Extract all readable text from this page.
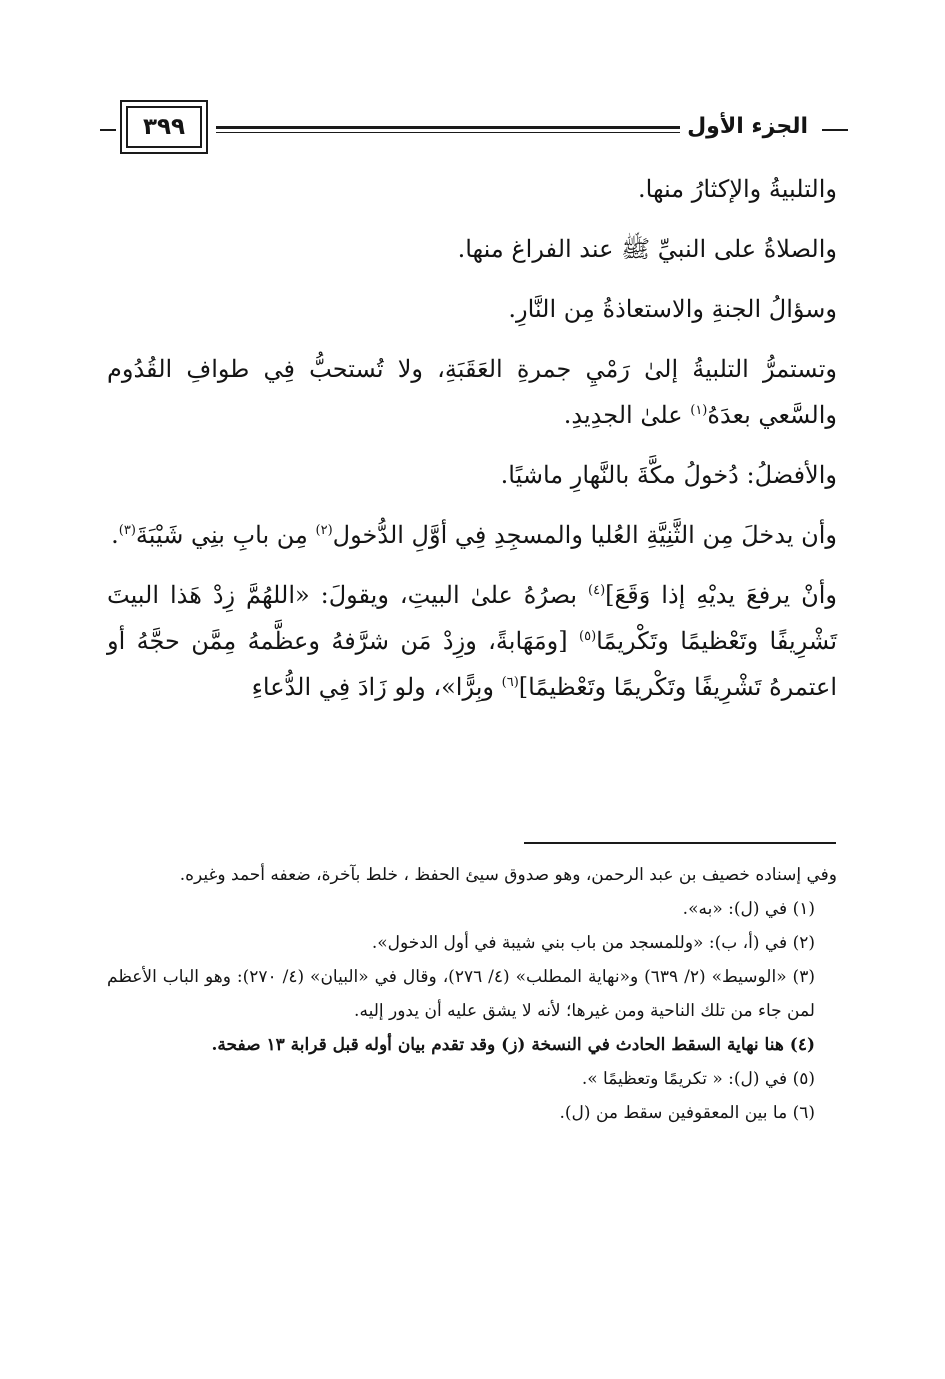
الجزء الأول
٣٩٩

والتلبيةُ والإكثارُ منها.

والصلاةُ على النبيِّ ﷺ عند الفراغ منها.

وسؤالُ الجنةِ والاستعاذةُ مِن النَّارِ.

وتستمرُّ التلبيةُ إلىٰ رَمْيِ جمرةِ العَقَبَةِ، ولا تُستحبُّ فِي طوافِ القُدُوم والسَّعي بعدَهُ$^{(١)}$ علىٰ الجدِيدِ.

والأفضلُ: دُخولُ مكَّةَ بالنَّهارِ ماشيًا.

وأن يدخلَ مِن الثَّنِيَّةِ العُليا والمسجِدِ فِي أوَّلِ الدُّخول$^{(٢)}$ مِن بابِ بنِي شَيْبَةَ$^{(٣)}$.

وأنْ يرفعَ يديْهِ إذا وَقَعَ]$^{(٤)}$ بصرُهُ علىٰ البيتِ، ويقولَ: «اللهُمَّ زِدْ هَذا البيتَ تَشْرِيفًا وتَعْظيمًا وتَكْريمًا$^{(٥)}$ [ومَهَابةً، وزِدْ مَن شرَّفهُ وعظَّمهُ مِمَّن حجَّهُ أو اعتمرهُ تَشْرِيفًا وتَكْريمًا وتَعْظيمًا]$^{(٦)}$ وبِرًّا»، ولو زَادَ فِي الدُّعاءِ

وفي إسناده خصيف بن عبد الرحمن، وهو صدوق سيئ الحفظ ، خلط بآخرة، ضعفه أحمد وغيره.

(١) في (ل): «به».

(٢) في (أ، ب): «وللمسجد من باب بني شيبة في أول الدخول».

(٣) «الوسيط» (٢/ ٦٣٩) و«نهاية المطلب» (٤/ ٢٧٦)، وقال في «البيان» (٤/ ٢٧٠): وهو الباب الأعظم لمن جاء من تلك الناحية ومن غيرها؛ لأنه لا يشق عليه أن يدور إليه.

(٤) هنا نهاية السقط الحادث في النسخة (ز) وقد تقدم بيان أوله قبل قرابة ١٣ صفحة.

(٥) في (ل): « تكريمًا وتعظيمًا ».

(٦) ما بين المعقوفين سقط من (ل).
